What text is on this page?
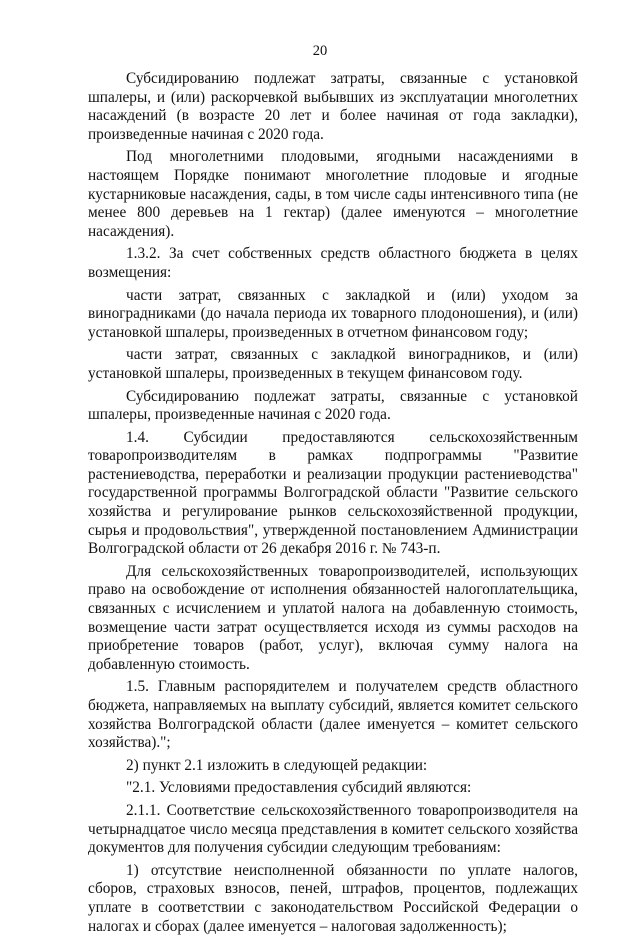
20

Субсидированию подлежат затраты, связанные с установкой шпалеры, и (или) раскорчевкой выбывших из эксплуатации многолетних насаждений (в возрасте 20 лет и более начиная от года закладки), произведенные начиная с 2020 года.

Под многолетними плодовыми, ягодными насаждениями в настоящем Порядке понимают многолетние плодовые и ягодные кустарниковые насаждения, сады, в том числе сады интенсивного типа (не менее 800 деревьев на 1 гектар) (далее именуются – многолетние насаждения).

1.3.2. За счет собственных средств областного бюджета в целях возмещения:

части затрат, связанных с закладкой и (или) уходом за виноградниками (до начала периода их товарного плодоношения), и (или) установкой шпалеры, произведенных в отчетном финансовом году;

части затрат, связанных с закладкой виноградников, и (или) установкой шпалеры, произведенных в текущем финансовом году.

Субсидированию подлежат затраты, связанные с установкой шпалеры, произведенные начиная с 2020 года.

1.4. Субсидии предоставляются сельскохозяйственным товаропроизводителям в рамках подпрограммы "Развитие растениеводства, переработки и реализации продукции растениеводства" государственной программы Волгоградской области "Развитие сельского хозяйства и регулирование рынков сельскохозяйственной продукции, сырья и продовольствия", утвержденной постановлением Администрации Волгоградской области от 26 декабря 2016 г. № 743-п.

Для сельскохозяйственных товаропроизводителей, использующих право на освобождение от исполнения обязанностей налогоплательщика, связанных с исчислением и уплатой налога на добавленную стоимость, возмещение части затрат осуществляется исходя из суммы расходов на приобретение товаров (работ, услуг), включая сумму налога на добавленную стоимость.

1.5. Главным распорядителем и получателем средств областного бюджета, направляемых на выплату субсидий, является комитет сельского хозяйства Волгоградской области (далее именуется – комитет сельского хозяйства).";

2) пункт 2.1 изложить в следующей редакции:

"2.1. Условиями предоставления субсидий являются:

2.1.1. Соответствие сельскохозяйственного товаропроизводителя на четырнадцатое число месяца представления в комитет сельского хозяйства документов для получения субсидии следующим требованиям:

1) отсутствие неисполненной обязанности по уплате налогов, сборов, страховых взносов, пеней, штрафов, процентов, подлежащих уплате в соответствии с законодательством Российской Федерации о налогах и сборах (далее именуется – налоговая задолженность);
